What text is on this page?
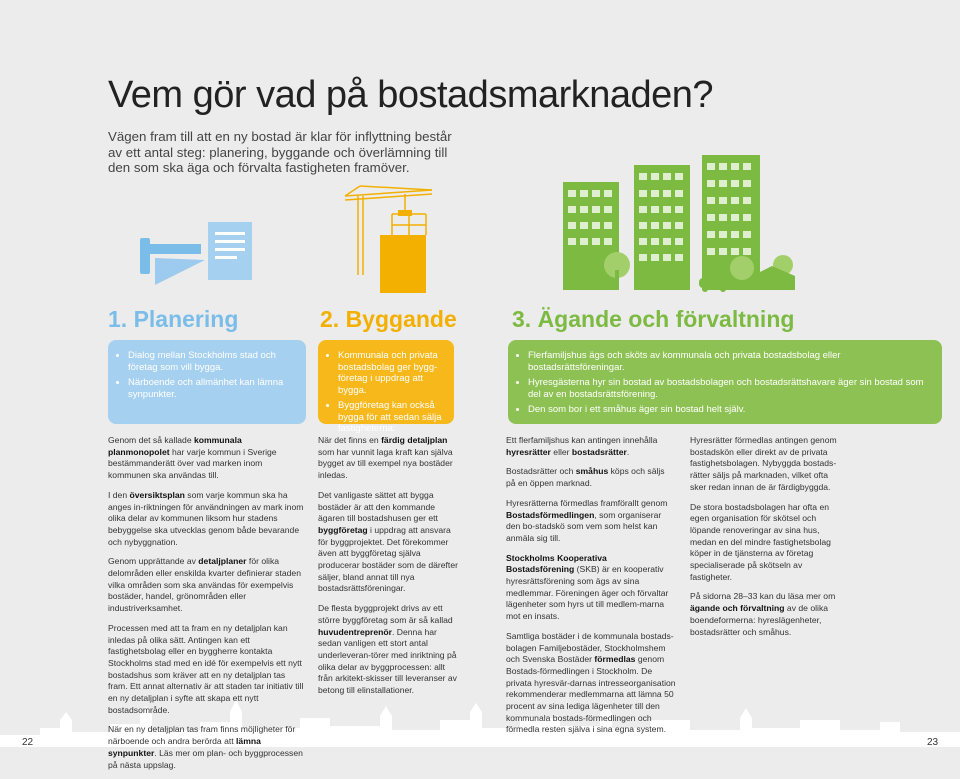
Vem gör vad på bostadsmarknaden?
Vägen fram till att en ny bostad är klar för inflyttning består av ett antal steg: planering, byggande och överlämning till den som ska äga och förvalta fastigheten framöver.
1. Planering	2. Byggande 3. Ägande och förvaltning
• Dialog mellan Stockholms stad och företag som vill bygga.
• Närboende och allmänhet kan lämna synpunkter.
• Kommunala och privata bostadsbolag ger bygg-företag i uppdrag att bygga.
• Byggföretag kan också bygga för att sedan sälja fastigheterna.
• Flerfamiljshus ägs och sköts av kommunala och privata bostadsbolag eller bostadsrättsföreningar.
• Hyresgästerna hyr sin bostad av bostadsbolagen och bostadsrättshavare äger sin bostad som del av en bostadsrättsförening.
• Den som bor i ett småhus äger sin bostad helt själv.

Genom det så kallade kommunala planmonopolet har varje kommun i Sverige bestämmanderätt över vad marken inom kommunen ska användas till.

I den översiktsplan som varje kommun ska ha anges in-riktningen för användningen av mark inom olika delar av kommunen liksom hur stadens bebyggelse ska utvecklas genom både bevarande och nybyggnation.

Genom upprättande av detaljplaner för olika delområden eller enskilda kvarter definierar staden vilka områden som ska användas för exempelvis bostäder, handel, grönområden eller industriverksamhet.

Processen med att ta fram en ny detaljplan kan inledas på olika sätt. Antingen kan ett fastighetsbolag eller en byggherre kontakta Stockholms stad med en idé för exempelvis ett nytt bostadshus som kräver att en ny detaljplan tas fram. Ett annat alternativ är att staden tar initiativ till en ny detaljplan i syfte att skapa ett nytt bostadsområde.

När en ny detaljplan tas fram finns möjligheter för närboende och andra berörda att lämna synpunkter. Läs mer om plan- och byggprocessen på nästa uppslag.

När det finns en färdig detaljplan som har vunnit laga kraft kan själva bygget av till exempel nya bostäder inledas.

Det vanligaste sättet att bygga bostäder är att den kommande ägaren till bostadshusen ger ett byggföretag i uppdrag att ansvara för byggprojektet. Det förekommer även att byggföretag själva producerar bostäder som de därefter säljer, bland annat till nya bostadsrättsföreningar.

De flesta byggprojekt drivs av ett större byggföretag som är så kallad huvudentreprenör. Denna har sedan vanligen ett stort antal underleveran-törer med inriktning på olika delar av byggprocessen: allt från arkitekt-skisser till leveranser av betong till elinstallationer.

Ett flerfamiljshus kan antingen innehålla hyresrätter eller bostadsrätter.

Bostadsrätter och småhus köps och säljs på en öppen marknad.

Hyresrätterna förmedlas framförallt genom Bostadsförmedlingen, som organiserar den bo-stadskö som vem som helst kan anmäla sig till.

Stockholms Kooperativa Bostadsförening (SKB) är en kooperativ hyresrättsförening som ägs av sina medlemmar. Föreningen äger och förvaltar lägenheter som hyrs ut till medlem-marna mot en insats.

Samtliga bostäder i de kommunala bostads-bolagen Familjebostäder, Stockholmshem och Svenska Bostäder förmedlas genom Bostads-förmedlingen i Stockholm. De privata hyresvär-darnas intresseorganisation rekommenderar medlemmarna att lämna 50 procent av sina lediga lägenheter till den kommunala bostads-förmedlingen och förmedla resten själva i sina egna system.

Hyresrätter förmedlas antingen genom bostadskön eller direkt av de privata fastighetsbolagen. Nybyggda bostads-rätter säljs på marknaden, vilket ofta sker redan innan de är färdigbyggda.

De stora bostadsbolagen har ofta en egen organisation för skötsel och löpande renoveringar av sina hus, medan en del mindre fastighetsbolag köper in de tjänsterna av företag specialiserade på skötseln av fastigheter.

På sidorna 28–33 kan du läsa mer om ägande och förvaltning av de olika boendeformerna: hyreslägenheter, bostadsrätter och småhus.

22	23
